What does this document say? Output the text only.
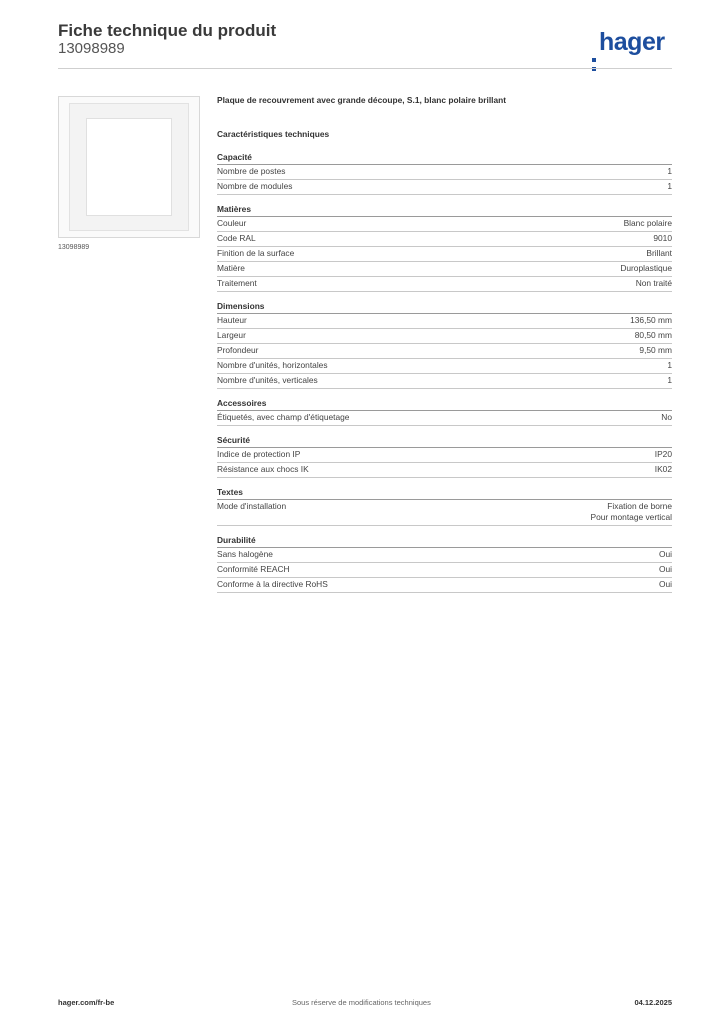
Fiche technique du produit
13098989	hager
13098989
Plaque de recouvrement avec grande découpe, S.1, blanc polaire brillant
Caractéristiques techniques
Capacité
Nombre de postes	1
Nombre de modules	1
Matières
Couleur	Blanc polaire
Code RAL	9010
Finition de la surface	Brillant
Matière	Duroplastique
Traitement	Non traité
Dimensions
Hauteur	136,50 mm
Largeur	80,50 mm
Profondeur	9,50 mm
Nombre d'unités, horizontales	1
Nombre d'unités, verticales	1
Accessoires
Étiquetés, avec champ d'étiquetage	No
Sécurité
Indice de protection IP	IP20
Résistance aux chocs IK	IK02
Textes
Mode d'installation	Fixation de borne
Pour montage vertical
Durabilité
Sans halogène	Oui
Conformité REACH	Oui
Conforme à la directive RoHS	Oui
hager.com/fr-be	Sous réserve de modifications techniques	04.12.2025
